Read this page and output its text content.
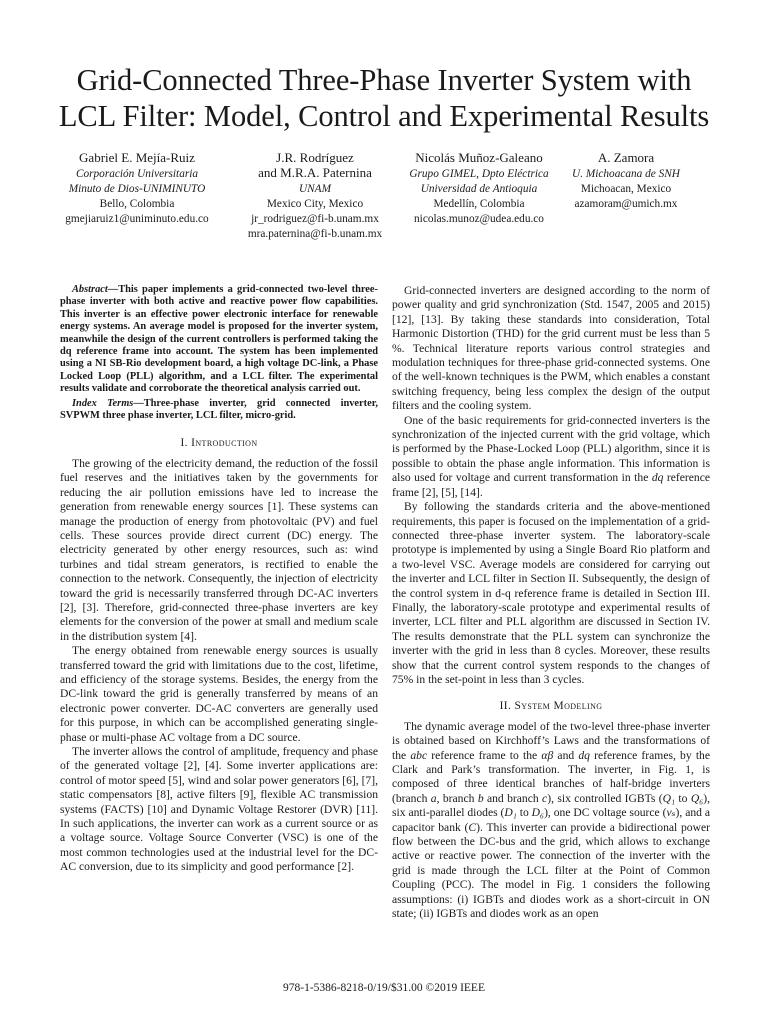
Grid-Connected Three-Phase Inverter System with
LCL Filter: Model, Control and Experimental Results
Gabriel E. Mejía-Ruiz
Corporación Universitaria
Minuto de Dios-UNIMINUTO
Bello, Colombia
gmejiaruiz1@uniminuto.edu.co
J.R. Rodríguez
and M.R.A. Paternina
UNAM
Mexico City, Mexico
jr_rodriguez@fi-b.unam.mx
mra.paternina@fi-b.unam.mx
Nicolás Muñoz-Galeano
Grupo GIMEL, Dpto Eléctrica
Universidad de Antioquia
Medellín, Colombia
nicolas.munoz@udea.edu.co
A. Zamora
U. Michoacana de SNH
Michoacan, Mexico
azamoram@umich.mx

Abstract—This paper implements a grid-connected two-level three-phase inverter with both active and reactive power flow capabilities. This inverter is an effective power electronic interface for renewable energy systems. An average model is proposed for the inverter system, meanwhile the design of the current controllers is performed taking the dq reference frame into account. The system has been implemented using a NI SB-Rio development board, a high voltage DC-link, a Phase Locked Loop (PLL) algorithm, and a LCL filter. The experimental results validate and corroborate the theoretical analysis carried out.

Index Terms—Three-phase inverter, grid connected inverter, SVPWM three phase inverter, LCL filter, micro-grid.

I. Introduction

The growing of the electricity demand, the reduction of the fossil fuel reserves and the initiatives taken by the governments for reducing the air pollution emissions have led to increase the generation from renewable energy sources [1]. These systems can manage the production of energy from photovoltaic (PV) and fuel cells. These sources provide direct current (DC) energy. The electricity generated by other energy resources, such as: wind turbines and tidal stream generators, is rectified to enable the connection to the network. Consequently, the injection of electricity toward the grid is necessarily transferred through DC-AC inverters [2], [3]. Therefore, grid-connected three-phase inverters are key elements for the conversion of the power at small and medium scale in the distribution system [4].

The energy obtained from renewable energy sources is usually transferred toward the grid with limitations due to the cost, lifetime, and efficiency of the storage systems. Besides, the energy from the DC-link toward the grid is generally transferred by means of an electronic power converter. DC-AC converters are generally used for this purpose, in which can be accomplished generating single-phase or multi-phase AC voltage from a DC source.

The inverter allows the control of amplitude, frequency and phase of the generated voltage [2], [4]. Some inverter applications are: control of motor speed [5], wind and solar power generators [6], [7], static compensators [8], active filters [9], flexible AC transmission systems (FACTS) [10] and Dynamic Voltage Restorer (DVR) [11]. In such applications, the inverter can work as a current source or as a voltage source. Voltage Source Converter (VSC) is one of the most common technologies used at the industrial level for the DC-AC conversion, due to its simplicity and good performance [2].

Grid-connected inverters are designed according to the norm of power quality and grid synchronization (Std. 1547, 2005 and 2015) [12], [13]. By taking these standards into consideration, Total Harmonic Distortion (THD) for the grid current must be less than 5 %. Technical literature reports various control strategies and modulation techniques for three-phase grid-connected systems. One of the well-known techniques is the PWM, which enables a constant switching frequency, being less complex the design of the output filters and the cooling system.

One of the basic requirements for grid-connected inverters is the synchronization of the injected current with the grid voltage, which is performed by the Phase-Locked Loop (PLL) algorithm, since it is possible to obtain the phase angle information. This information is also used for voltage and current transformation in the dq reference frame [2], [5], [14].

By following the standards criteria and the above-mentioned requirements, this paper is focused on the implementation of a grid-connected three-phase inverter system. The laboratory-scale prototype is implemented by using a Single Board Rio platform and a two-level VSC. Average models are considered for carrying out the inverter and LCL filter in Section II. Subsequently, the design of the control system in d-q reference frame is detailed in Section III. Finally, the laboratory-scale prototype and experimental results of inverter, LCL filter and PLL algorithm are discussed in Section IV. The results demonstrate that the PLL system can synchronize the inverter with the grid in less than 8 cycles. Moreover, these results show that the current control system responds to the changes of 75% in the set-point in less than 3 cycles.

II. System Modeling

The dynamic average model of the two-level three-phase inverter is obtained based on Kirchhoff’s Laws and the transformations of the abc reference frame to the αβ and dq reference frames, by the Clark and Park’s transformation. The inverter, in Fig. 1, is composed of three identical branches of half-bridge inverters (branch a, branch b and branch c), six controlled IGBTs (Q₁ to Q₆), six anti-parallel diodes (D₁ to D₆), one DC voltage source (vₛ), and a capacitor bank (C). This inverter can provide a bidirectional power flow between the DC-bus and the grid, which allows to exchange active or reactive power. The connection of the inverter with the grid is made through the LCL filter at the Point of Common Coupling (PCC). The model in Fig. 1 considers the following assumptions: (i) IGBTs and diodes work as a short-circuit in ON state; (ii) IGBTs and diodes work as an open

978-1-5386-8218-0/19/$31.00 ©2019 IEEE
